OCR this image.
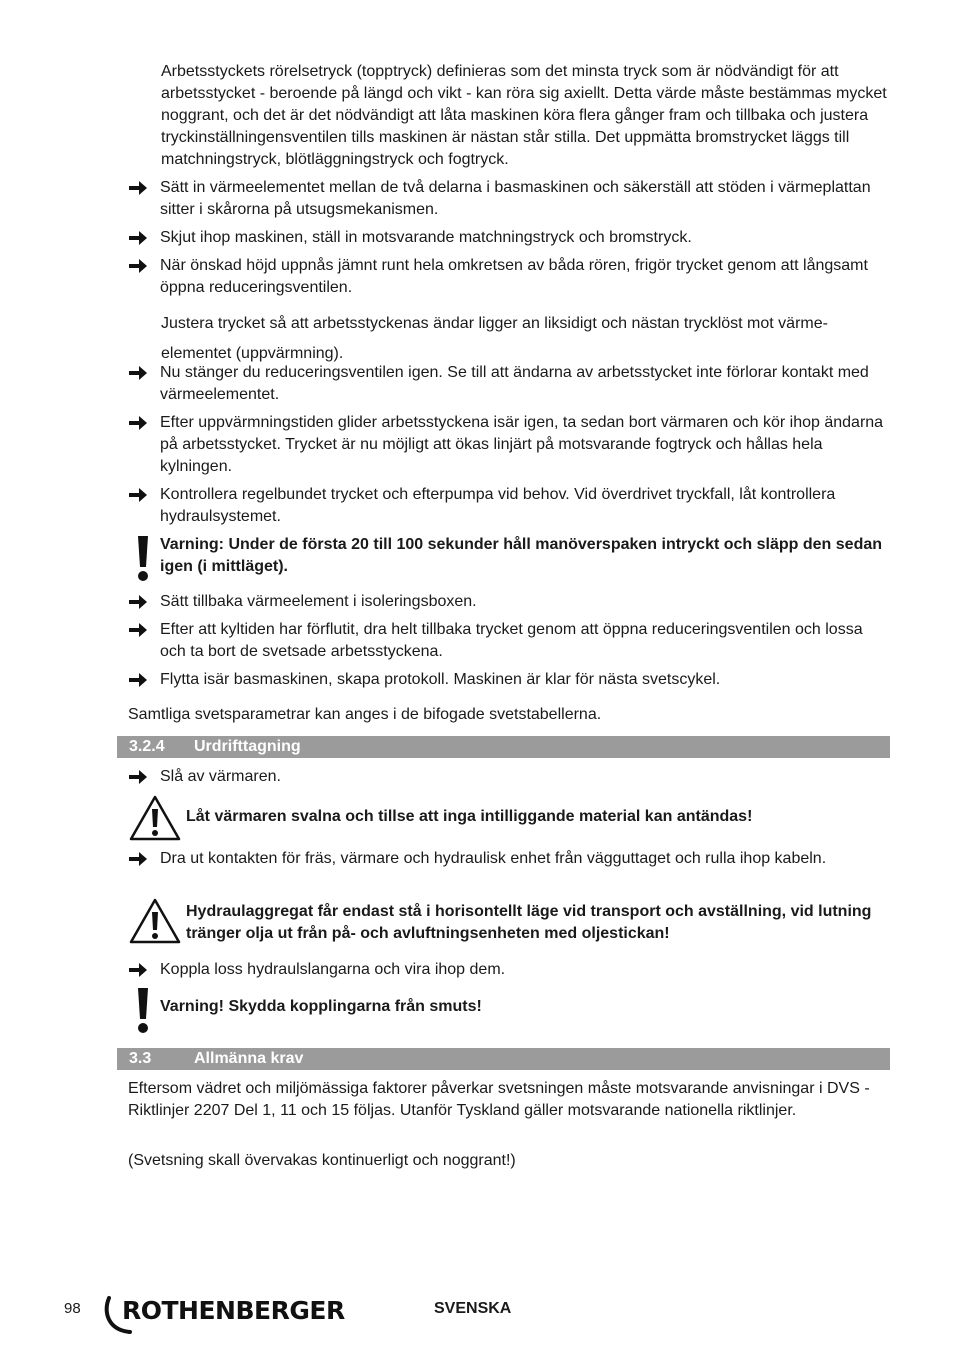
Arbetsstyckets rörelsetryck (topptryck) definieras som det minsta tryck som är nödvändigt för att arbetsstycket - beroende på längd och vikt - kan röra sig axiellt. Detta värde måste bestämmas mycket noggrant, och det är det nödvändigt att låta maskinen köra flera gånger fram och tillbaka och justera tryckinställningensventilen tills maskinen är nästan står stilla. Det uppmätta bromstrycket läggs till matchningstryck, blötläggningstryck och fogtryck.
Sätt in värmeelementet mellan de två delarna i basmaskinen och säkerställ att stöden i värmeplattan sitter i skårorna på utsugsmekanismen.
Skjut ihop maskinen, ställ in motsvarande matchningstryck och bromstryck.
När önskad höjd uppnås jämnt runt hela omkretsen av båda rören, frigör trycket genom att långsamt öppna reduceringsventilen.
Justera trycket så att arbetsstyckenas ändar ligger an liksidigt och nästan trycklöst mot värme-elementet (uppvärmning).
Nu stänger du reduceringsventilen igen. Se till att ändarna av arbetsstycket inte förlorar kontakt med värmeelementet.
Efter uppvärmningstiden glider arbetsstyckena isär igen, ta sedan bort värmaren och kör ihop ändarna på arbetsstycket. Trycket är nu möjligt att ökas linjärt på motsvarande fogtryck och hållas hela kylningen.
Kontrollera regelbundet trycket och efterpumpa vid behov. Vid överdrivet tryckfall, låt kontrollera hydraulsystemet.
Varning: Under de första 20 till 100 sekunder håll manöverspaken intryckt och släpp den sedan igen (i mittläget).
Sätt tillbaka värmeelement i isoleringsboxen.
Efter att kyltiden har förflutit, dra helt tillbaka trycket genom att öppna reduceringsventilen och lossa och ta bort de svetsade arbetsstyckena.
Flytta isär basmaskinen, skapa protokoll. Maskinen är klar för nästa svetscykel.
Samtliga svetsparametrar kan anges i de bifogade svetstabellerna.
3.2.4 Urdrifttagning
Slå av värmaren.
Låt värmaren svalna och tillse att inga intilliggande material kan antändas!
Dra ut kontakten för fräs, värmare och hydraulisk enhet från vägguttaget och rulla ihop kabeln.
Hydraulaggregat får endast stå i horisontellt läge vid transport och avställning, vid lutning tränger olja ut från på- och avluftningsenheten med oljestickan!
Koppla loss hydraulslangarna och vira ihop dem.
Varning! Skydda kopplingarna från smuts!
3.3	Allmänna krav
Eftersom vädret och miljömässiga faktorer påverkar svetsningen måste motsvarande anvisningar i DVS - Riktlinjer 2207 Del 1, 11 och 15 följas. Utanför Tyskland gäller motsvarande nationella riktlinjer.
(Svetsning skall övervakas kontinuerligt och noggrant!)
98 ROTHENBERGER	SVENSKA
